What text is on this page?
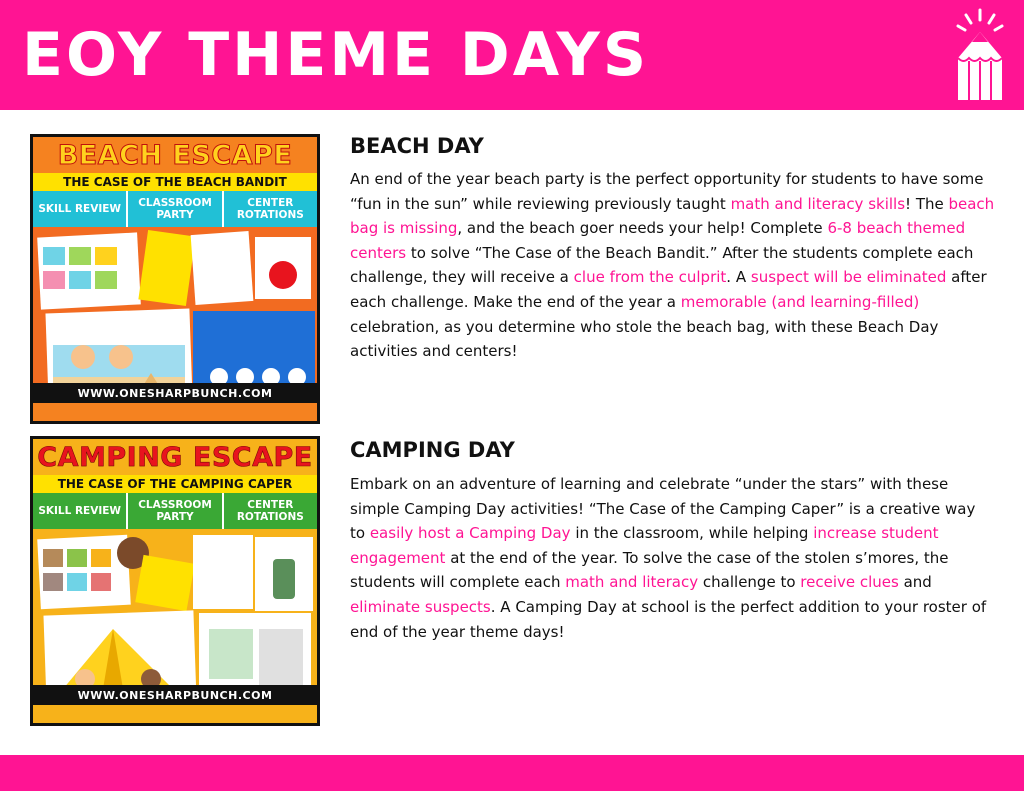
EOY THEME DAYS
BEACH ESCAPE
THE CASE OF THE BEACH BANDIT
SKILL REVIEW	CLASSROOM PARTY
CENTER ROTATIONS
WWW.ONESHARPBUNCH.COM
BEACH DAY
An end of the year beach party is the perfect opportunity for students to have some “fun in the sun” while reviewing previously taught math and literacy skills! The beach bag is missing, and the beach goer needs your help! Complete 6-8 beach themed centers to solve “The Case of the Beach Bandit.” After the students complete each challenge, they will receive a clue from the culprit. A suspect will be eliminated after each challenge. Make the end of the year a memorable (and learning-filled) celebration, as you determine who stole the beach bag, with these Beach Day activities and centers!
CAMPING ESCAPE
THE CASE OF THE CAMPING CAPER
SKILL REVIEW	CLASSROOM PARTY
CENTER ROTATIONS
WWW.ONESHARPBUNCH.COM
CAMPING DAY
Embark on an adventure of learning and celebrate “under the stars” with these simple Camping Day activities! “The Case of the Camping Caper” is a creative way to easily host a Camping Day in the classroom, while helping increase student engagement at the end of the year. To solve the case of the stolen s’mores, the students will complete each math and literacy challenge to receive clues and eliminate suspects. A Camping Day at school is the perfect addition to your roster of end of the year theme days!
